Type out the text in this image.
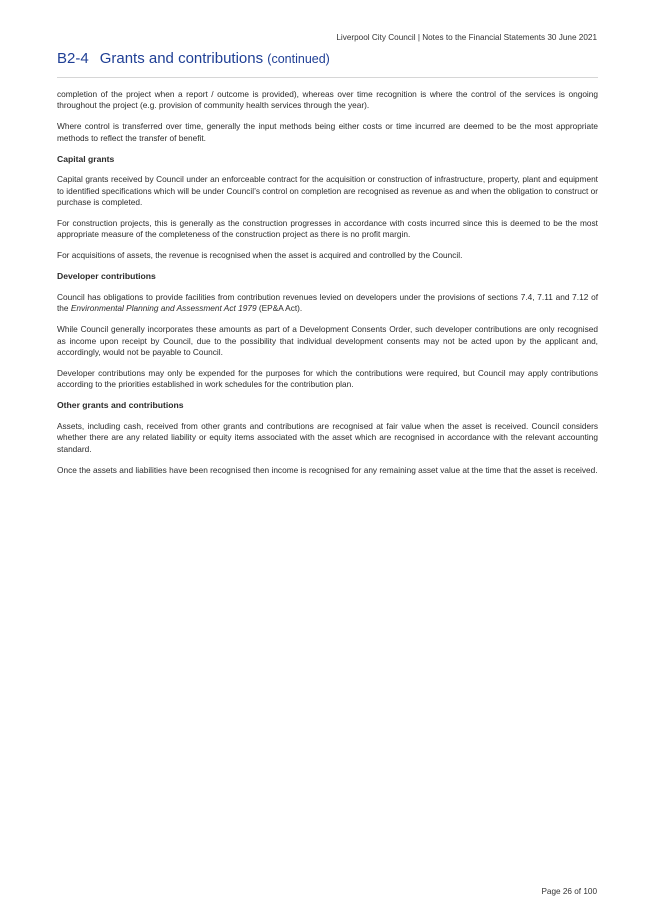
Liverpool City Council | Notes to the Financial Statements 30 June 2021
B2-4 Grants and contributions (continued)

completion of the project when a report / outcome is provided), whereas over time recognition is where the control of the services is ongoing throughout the project (e.g. provision of community health services through the year).

Where control is transferred over time, generally the input methods being either costs or time incurred are deemed to be the most appropriate methods to reflect the transfer of benefit.

Capital grants

Capital grants received by Council under an enforceable contract for the acquisition or construction of infrastructure, property, plant and equipment to identified specifications which will be under Council’s control on completion are recognised as revenue as and when the obligation to construct or purchase is completed.

For construction projects, this is generally as the construction progresses in accordance with costs incurred since this is deemed to be the most appropriate measure of the completeness of the construction project as there is no profit margin.

For acquisitions of assets, the revenue is recognised when the asset is acquired and controlled by the Council.

Developer contributions

Council has obligations to provide facilities from contribution revenues levied on developers under the provisions of sections 7.4, 7.11 and 7.12 of the Environmental Planning and Assessment Act 1979 (EP&A Act).

While Council generally incorporates these amounts as part of a Development Consents Order, such developer contributions are only recognised as income upon receipt by Council, due to the possibility that individual development consents may not be acted upon by the applicant and, accordingly, would not be payable to Council.

Developer contributions may only be expended for the purposes for which the contributions were required, but Council may apply contributions according to the priorities established in work schedules for the contribution plan.

Other grants and contributions

Assets, including cash, received from other grants and contributions are recognised at fair value when the asset is received. Council considers whether there are any related liability or equity items associated with the asset which are recognised in accordance with the relevant accounting standard.

Once the assets and liabilities have been recognised then income is recognised for any remaining asset value at the time that the asset is received.

Page 26 of 100
